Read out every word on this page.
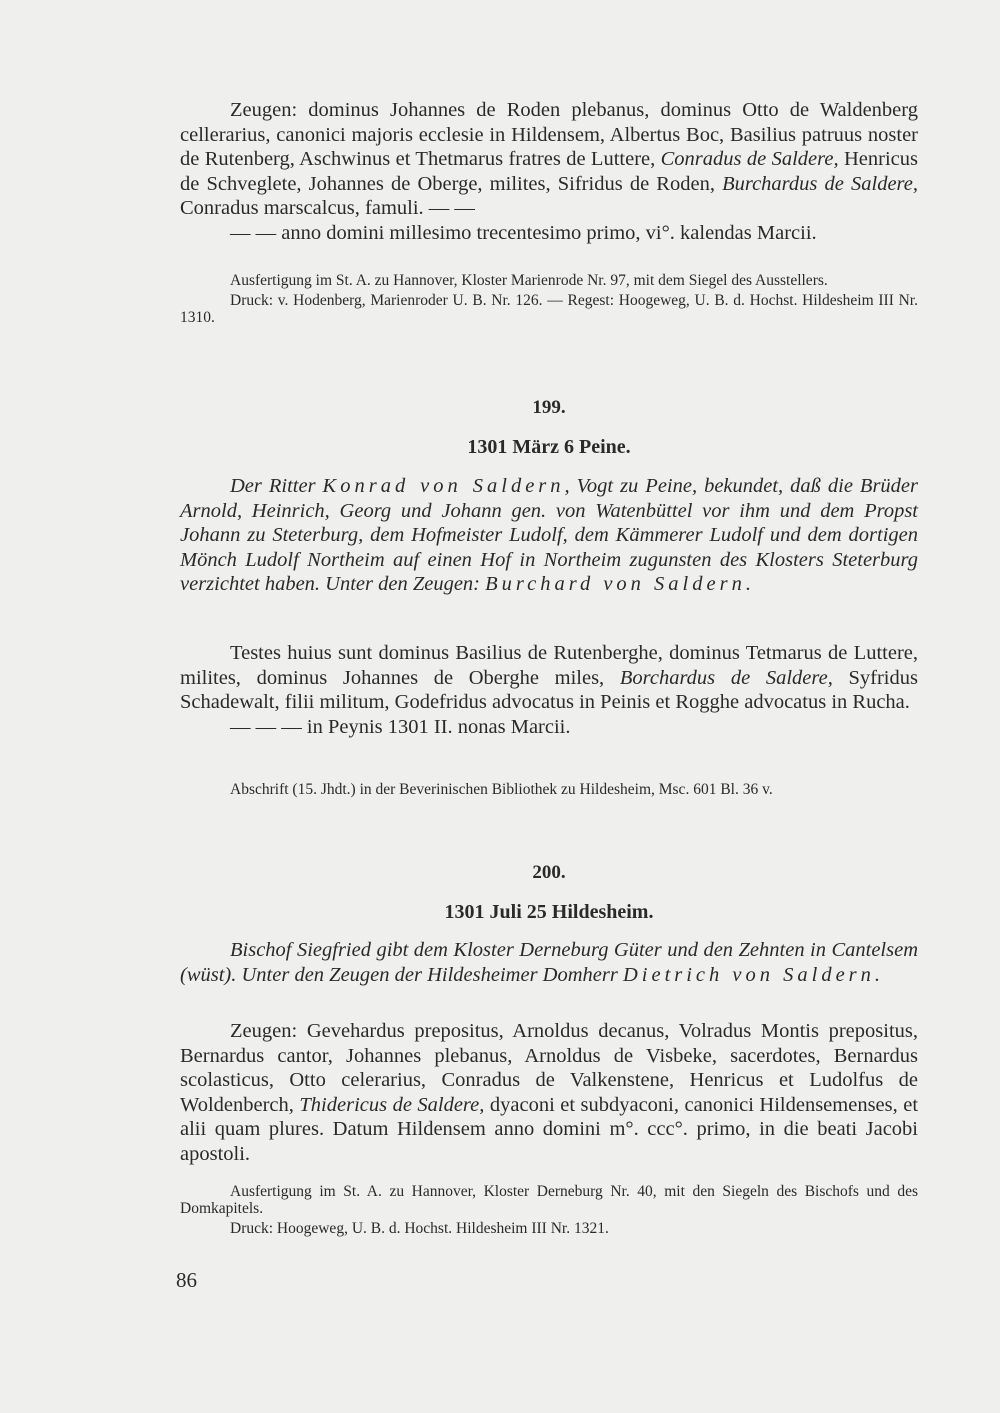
Zeugen: dominus Johannes de Roden plebanus, dominus Otto de Waldenberg cellerarius, canonici majoris ecclesie in Hildensem, Albertus Boc, Basilius patruus noster de Rutenberg, Aschwinus et Thetmarus fratres de Luttere, Conradus de Saldere, Henricus de Schveglete, Johannes de Oberge, milites, Sifridus de Roden, Burchardus de Saldere, Conradus marscalcus, famuli. — —

— — anno domini millesimo trecentesimo primo, vi°. kalendas Marcii.

Ausfertigung im St. A. zu Hannover, Kloster Marienrode Nr. 97, mit dem Siegel des Ausstellers.

Druck: v. Hodenberg, Marienroder U. B. Nr. 126. — Regest: Hoogeweg, U. B. d. Hochst. Hildesheim III Nr. 1310.

199.

1301 März 6 Peine.

Der Ritter Konrad von Saldern, Vogt zu Peine, bekundet, daß die Brüder Arnold, Heinrich, Georg und Johann gen. von Watenbüttel vor ihm und dem Propst Johann zu Steterburg, dem Hofmeister Ludolf, dem Kämmerer Ludolf und dem dortigen Mönch Ludolf Northeim auf einen Hof in Northeim zugunsten des Klosters Steterburg verzichtet haben. Unter den Zeugen: Burchard von Saldern.

Testes huius sunt dominus Basilius de Rutenberghe, dominus Tetmarus de Luttere, milites, dominus Johannes de Oberghe miles, Borchardus de Saldere, Syfridus Schadewalt, filii militum, Godefridus advocatus in Peinis et Rogghe advocatus in Rucha.

— — — in Peynis 1301 II. nonas Marcii.

Abschrift (15. Jhdt.) in der Beverinischen Bibliothek zu Hildesheim, Msc. 601 Bl. 36 v.

200.

1301 Juli 25 Hildesheim.

Bischof Siegfried gibt dem Kloster Derneburg Güter und den Zehnten in Cantelsem (wüst). Unter den Zeugen der Hildesheimer Domherr Dietrich von Saldern.

Zeugen: Gevehardus prepositus, Arnoldus decanus, Volradus Montis prepositus, Bernardus cantor, Johannes plebanus, Arnoldus de Visbeke, sacerdotes, Bernardus scolasticus, Otto celerarius, Conradus de Valkenstene, Henricus et Ludolfus de Woldenberch, Thidericus de Saldere, dyaconi et subdyaconi, canonici Hildensemenses, et alii quam plures. Datum Hildensem anno domini m°. ccc°. primo, in die beati Jacobi apostoli.

Ausfertigung im St. A. zu Hannover, Kloster Derneburg Nr. 40, mit den Siegeln des Bischofs und des Domkapitels.

Druck: Hoogeweg, U. B. d. Hochst. Hildesheim III Nr. 1321.

86
